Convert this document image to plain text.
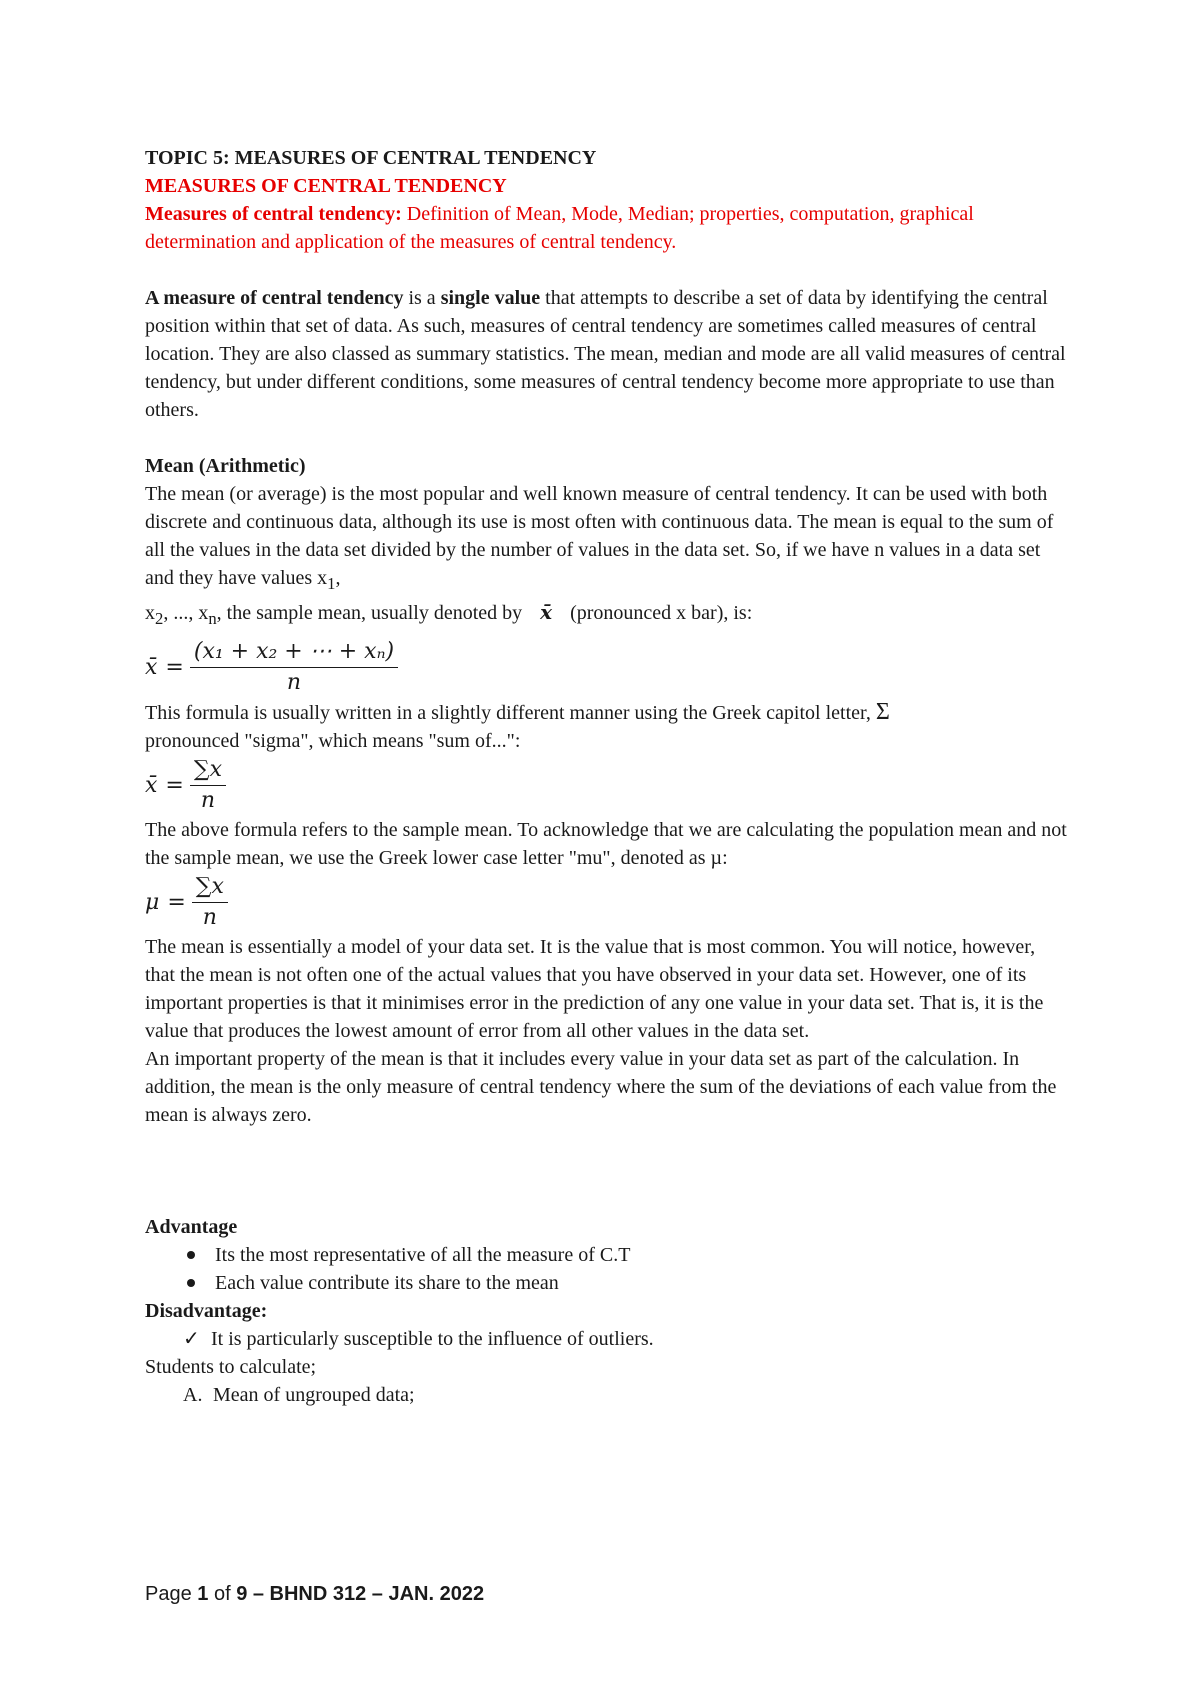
TOPIC 5: MEASURES OF CENTRAL TENDENCY

MEASURES OF CENTRAL TENDENCY

Measures of central tendency: Definition of Mean, Mode, Median; properties, computation, graphical determination and application of the measures of central tendency.

A measure of central tendency is a single value that attempts to describe a set of data by identifying the central position within that set of data. As such, measures of central tendency are sometimes called measures of central location. They are also classed as summary statistics. The mean, median and mode are all valid measures of central tendency, but under different conditions, some measures of central tendency become more appropriate to use than others.

Mean (Arithmetic)

The mean (or average) is the most popular and well known measure of central tendency. It can be used with both discrete and continuous data, although its use is most often with continuous data. The mean is equal to the sum of all the values in the data set divided by the number of values in the data set. So, if we have n values in a data set and they have values $x_1$,
$x_2$, ..., $x_n$, the sample mean, usually denoted by x̄ (pronounced x bar), is:

x̄ = $\frac{\text{(x₁ + x₂ + ⋯ + xₙ)}}{n}$

This formula is usually written in a slightly different manner using the Greek capitol letter, Σ
pronounced "sigma", which means "sum of...":

x̄ = $\frac{\sum x}{n}$

The above formula refers to the sample mean. To acknowledge that we are calculating the population mean and not the sample mean, we use the Greek lower case letter "mu", denoted as µ:

$\mu = \frac{\sum x}{n}$

The mean is essentially a model of your data set. It is the value that is most common. You will notice, however, that the mean is not often one of the actual values that you have observed in your data set. However, one of its important properties is that it minimises error in the prediction of any one value in your data set. That is, it is the value that produces the lowest amount of error from all other values in the data set.

An important property of the mean is that it includes every value in your data set as part of the calculation. In addition, the mean is the only measure of central tendency where the sum of the deviations of each value from the mean is always zero.

Advantage

Its the most representative of all the measure of C.T
Each value contribute its share to the mean

Disadvantage:

✓ It is particularly susceptible to the influence of outliers.

Students to calculate;

A. Mean of ungrouped data;

Page 1 of 9 – BHND 312 – JAN. 2022
